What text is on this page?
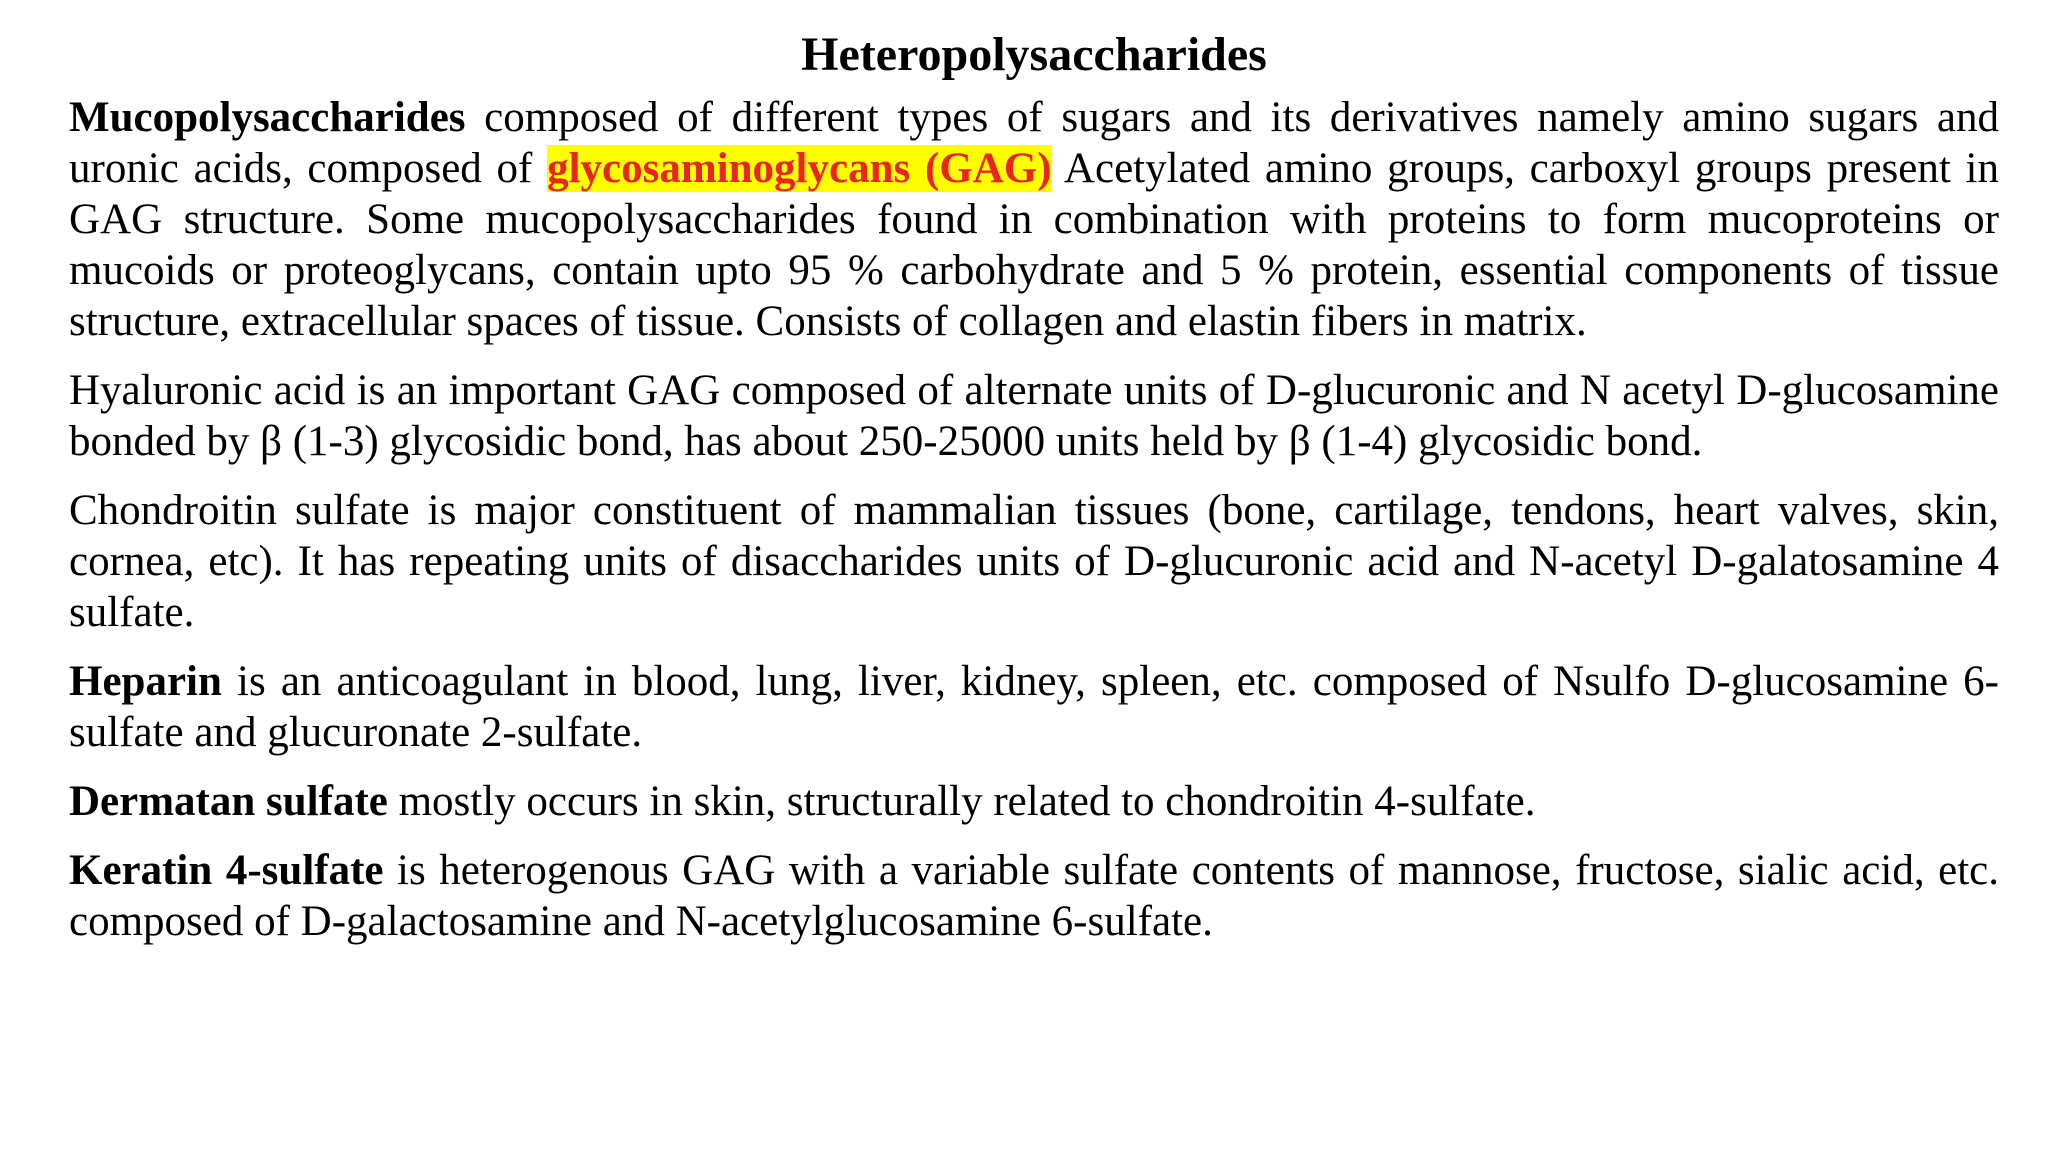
Heteropolysaccharides

Mucopolysaccharides composed of different types of sugars and its derivatives namely amino sugars and uronic acids, composed of glycosaminoglycans (GAG) Acetylated amino groups, carboxyl groups present in GAG structure. Some mucopolysaccharides found in combination with proteins to form mucoproteins or mucoids or proteoglycans, contain upto 95 % carbohydrate and 5 % protein, essential components of tissue structure, extracellular spaces of tissue. Consists of collagen and elastin fibers in matrix.

Hyaluronic acid is an important GAG composed of alternate units of D-glucuronic and N acetyl D-glucosamine bonded by β (1-3) glycosidic bond, has about 250-25000 units held by β (1-4) glycosidic bond.

Chondroitin sulfate is major constituent of mammalian tissues (bone, cartilage, tendons, heart valves, skin, cornea, etc). It has repeating units of disaccharides units of D-glucuronic acid and N-acetyl D-galatosamine 4 sulfate.

Heparin is an anticoagulant in blood, lung, liver, kidney, spleen, etc. composed of Nsulfo D-glucosamine 6-sulfate and glucuronate 2-sulfate.

Dermatan sulfate mostly occurs in skin, structurally related to chondroitin 4-sulfate.

Keratin 4-sulfate is heterogenous GAG with a variable sulfate contents of mannose, fructose, sialic acid, etc. composed of D-galactosamine and N-acetylglucosamine 6-sulfate.
